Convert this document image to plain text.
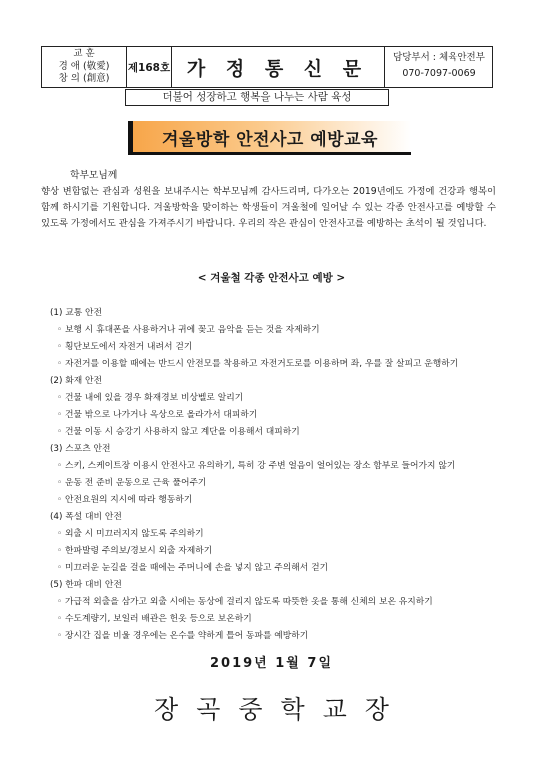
교 훈
경 애 (敬愛)
창 의 (創意)
제168호 가 정 통 신 문	담당부서 : 체육안전부
070-7097-0069
더불어 성장하고 행복을 나누는 사람 육성
겨울방학 안전사고 예방교육
학부모님께
향상 변함없는 관심과 성원을 보내주시는 학부모님께 감사드리며, 다가오는 2019년에도 가정에 건강과 행복이 함께 하시기를 기원합니다. 겨울방학을 맞이하는 학생들이 겨울철에 일어날 수 있는 각종 안전사고를 예방할 수 있도록 가정에서도 관심을 가져주시기 바랍니다. 우리의 작은 관심이 안전사고를 예방하는 초석이 될 것입니다.
< 겨울철 각종 안전사고 예방 >
(1) 교통 안전
◦ 보행 시 휴대폰을 사용하거나 귀에 꽂고 음악을 듣는 것을 자제하기
◦ 횡단보도에서 자전거 내려서 걷기
◦ 자전거를 이용할 때에는 반드시 안전모를 착용하고 자전거도로를 이용하며 좌, 우를 잘 살피고 운행하기
(2) 화재 안전
◦ 건물 내에 있을 경우 화재경보 비상벨로 알리기
◦ 건물 밖으로 나가거나 옥상으로 올라가서 대피하기
◦ 건물 이동 시 승강기 사용하지 않고 계단을 이용해서 대피하기
(3) 스포츠 안전
◦ 스키, 스케이트장 이용시 안전사고 유의하기, 특히 강 주변 얼음이 얼어있는 장소 함부로 들어가지 않기
◦ 운동 전 준비 운동으로 근육 풀어주기
◦ 안전요원의 지시에 따라 행동하기
(4) 폭설 대비 안전
◦ 외출 시 미끄러지지 않도록 주의하기
◦ 한파발령 주의보/경보시 외출 자제하기
◦ 미끄러운 눈길을 걸을 때에는 주머니에 손을 넣지 않고 주의해서 걷기
(5) 한파 대비 안전
◦ 가급적 외출을 삼가고 외출 시에는 동상에 걸리지 않도록 따뜻한 옷을 통해 신체의 보온 유지하기
◦ 수도계량기, 보일러 배관은 헌옷 등으로 보온하기
◦ 장시간 집을 비울 경우에는 온수를 약하게 틀어 동파를 예방하기
2019년 1월 7일
장곡중학교장
